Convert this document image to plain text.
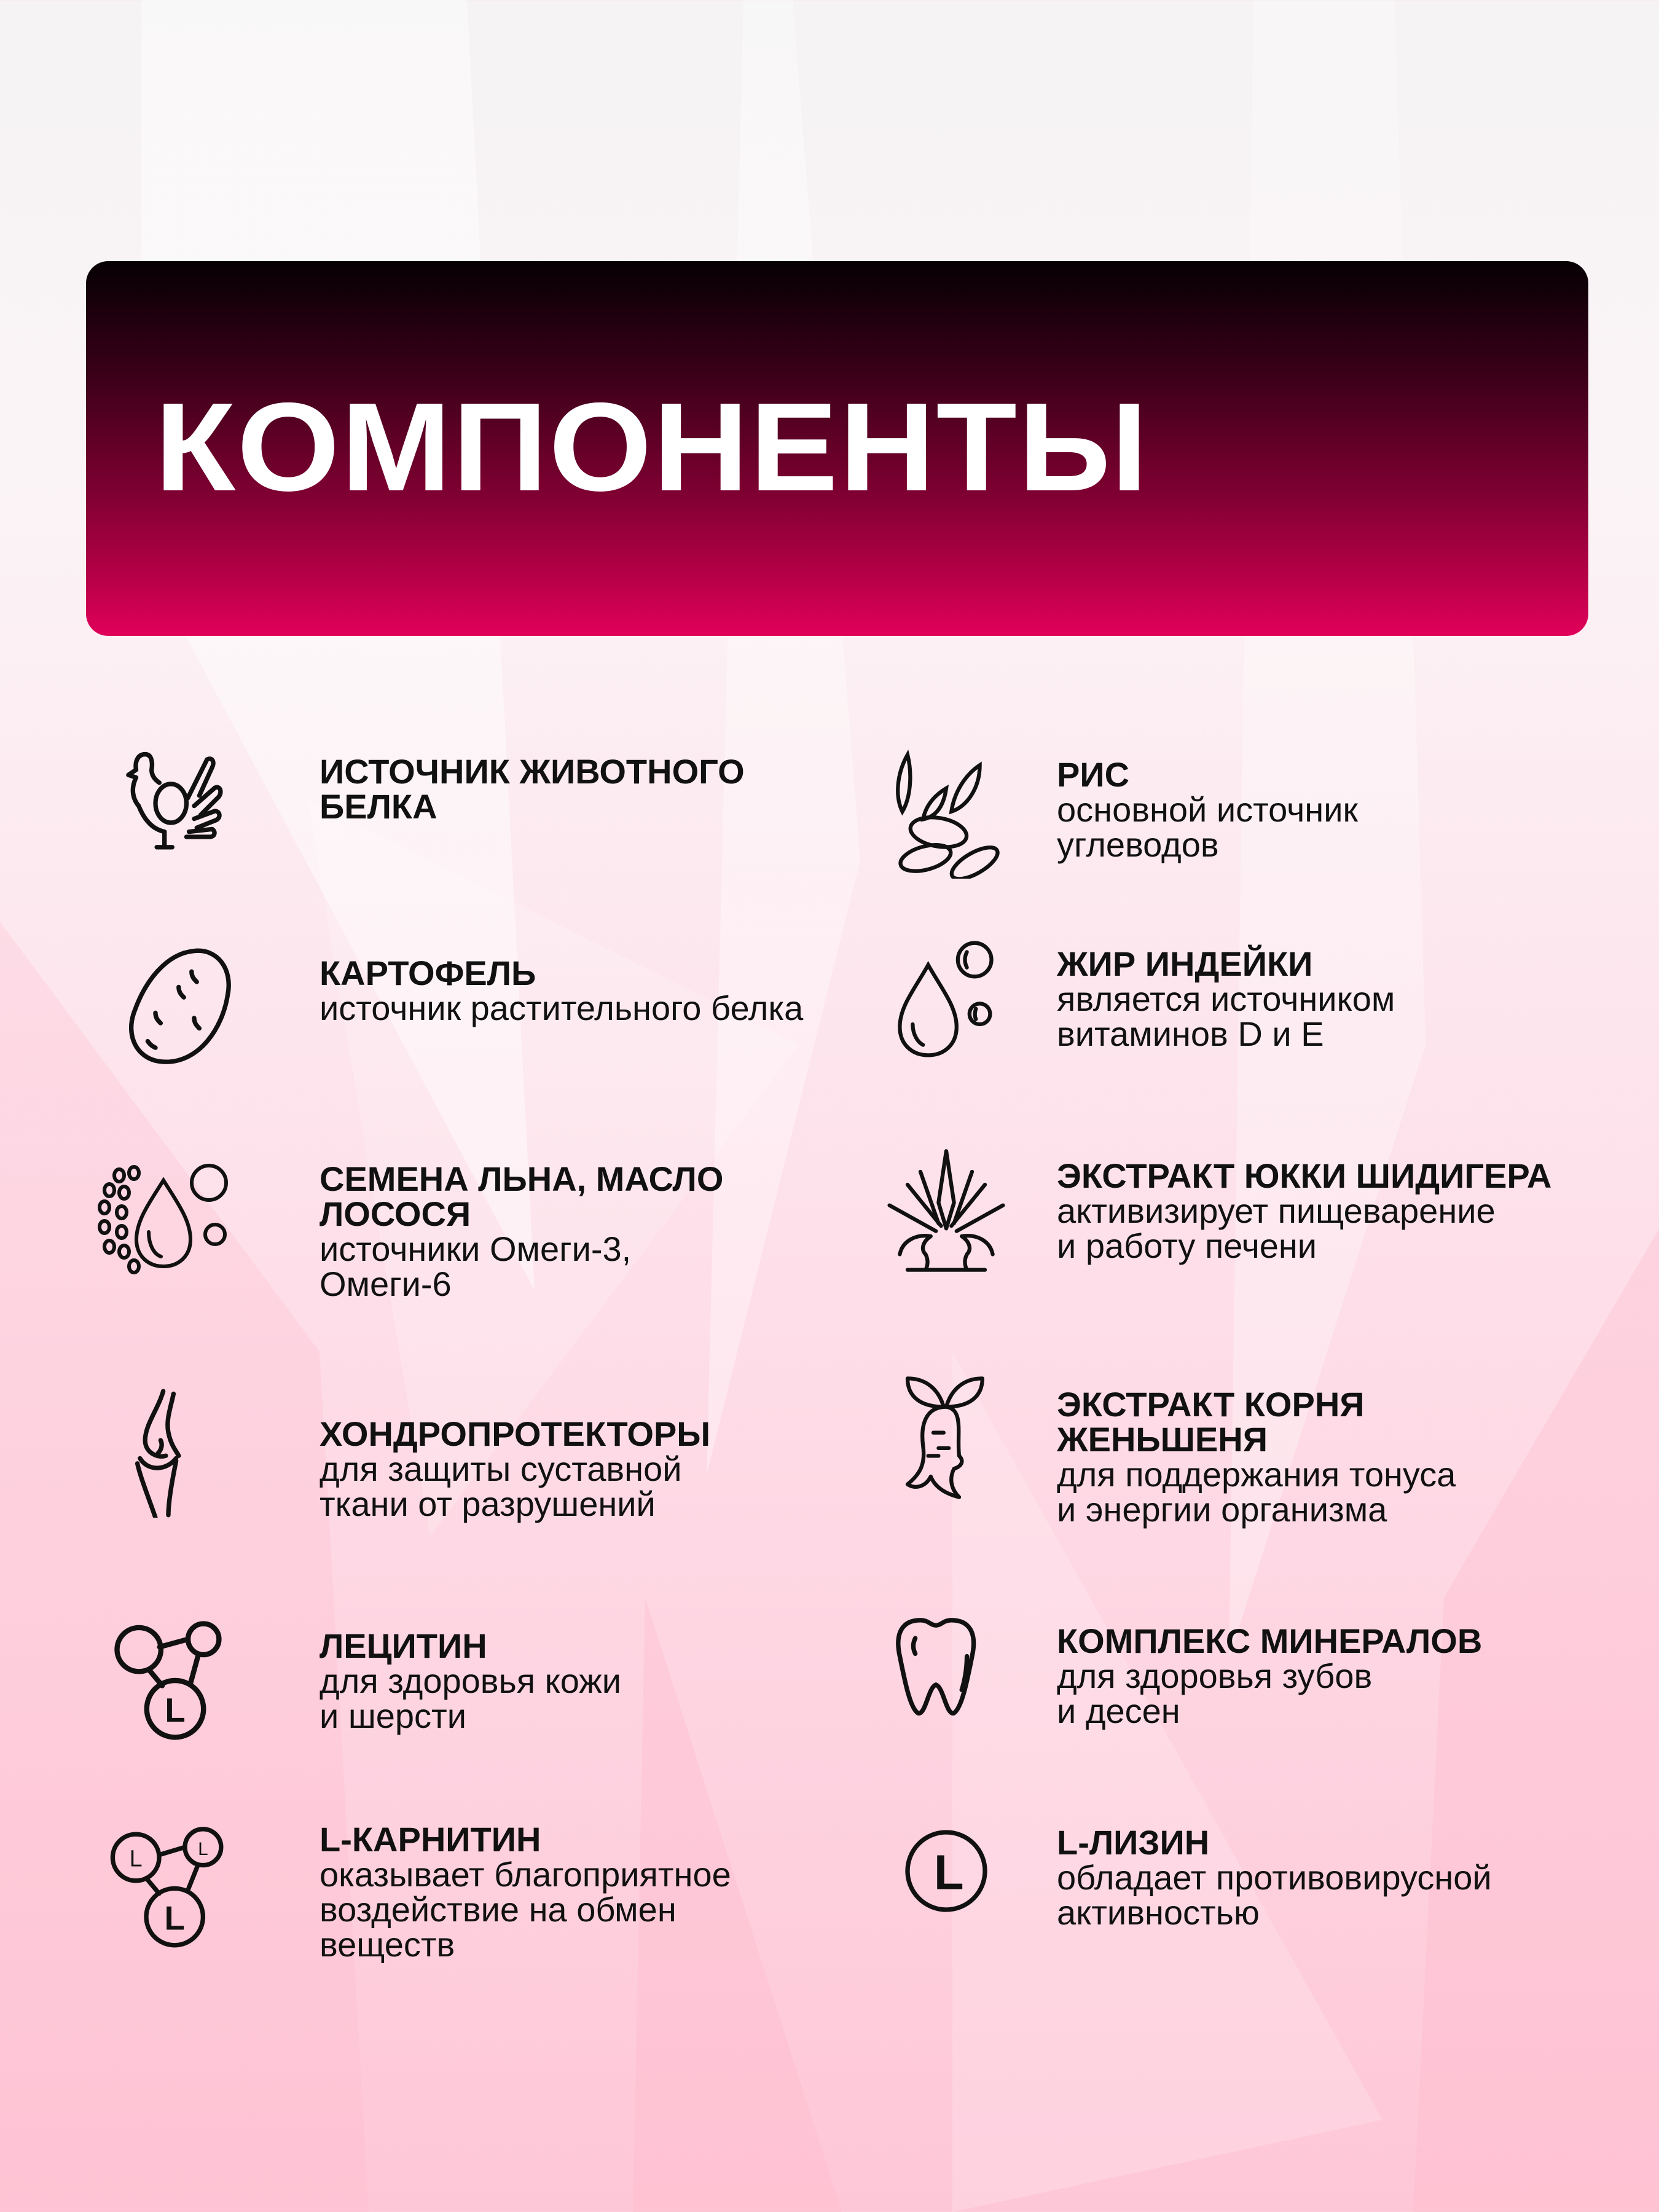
КОМПОНЕНТЫ
ИСТОЧНИК ЖИВОТНОГО
БЕЛКА
КАРТОФЕЛЬ
источник растительного белка
СЕМЕНА ЛЬНА, МАСЛО
ЛОСОСЯ
источники Омеги-3,
Омеги-6
ХОНДРОПРОТЕКТОРЫ
для защиты суставной
ткани от разрушений
L
ЛЕЦИТИН
для здоровья кожи
и шерсти
L	L
L
L-КАРНИТИН
оказывает благоприятное
воздействие на обмен
веществ
РИС
основной источник
углеводов
ЖИР ИНДЕЙКИ
является источником
витаминов D и E
ЭКСТРАКТ ЮККИ ШИДИГЕРА
активизирует пищеварение
и работу печени
ЭКСТРАКТ КОРНЯ
ЖЕНЬШЕНЯ
для поддержания тонуса
и энергии организма
КОМПЛЕКС МИНЕРАЛОВ
для здоровья зубов
и десен
L
L-ЛИЗИН
обладает противовирусной
активностью
